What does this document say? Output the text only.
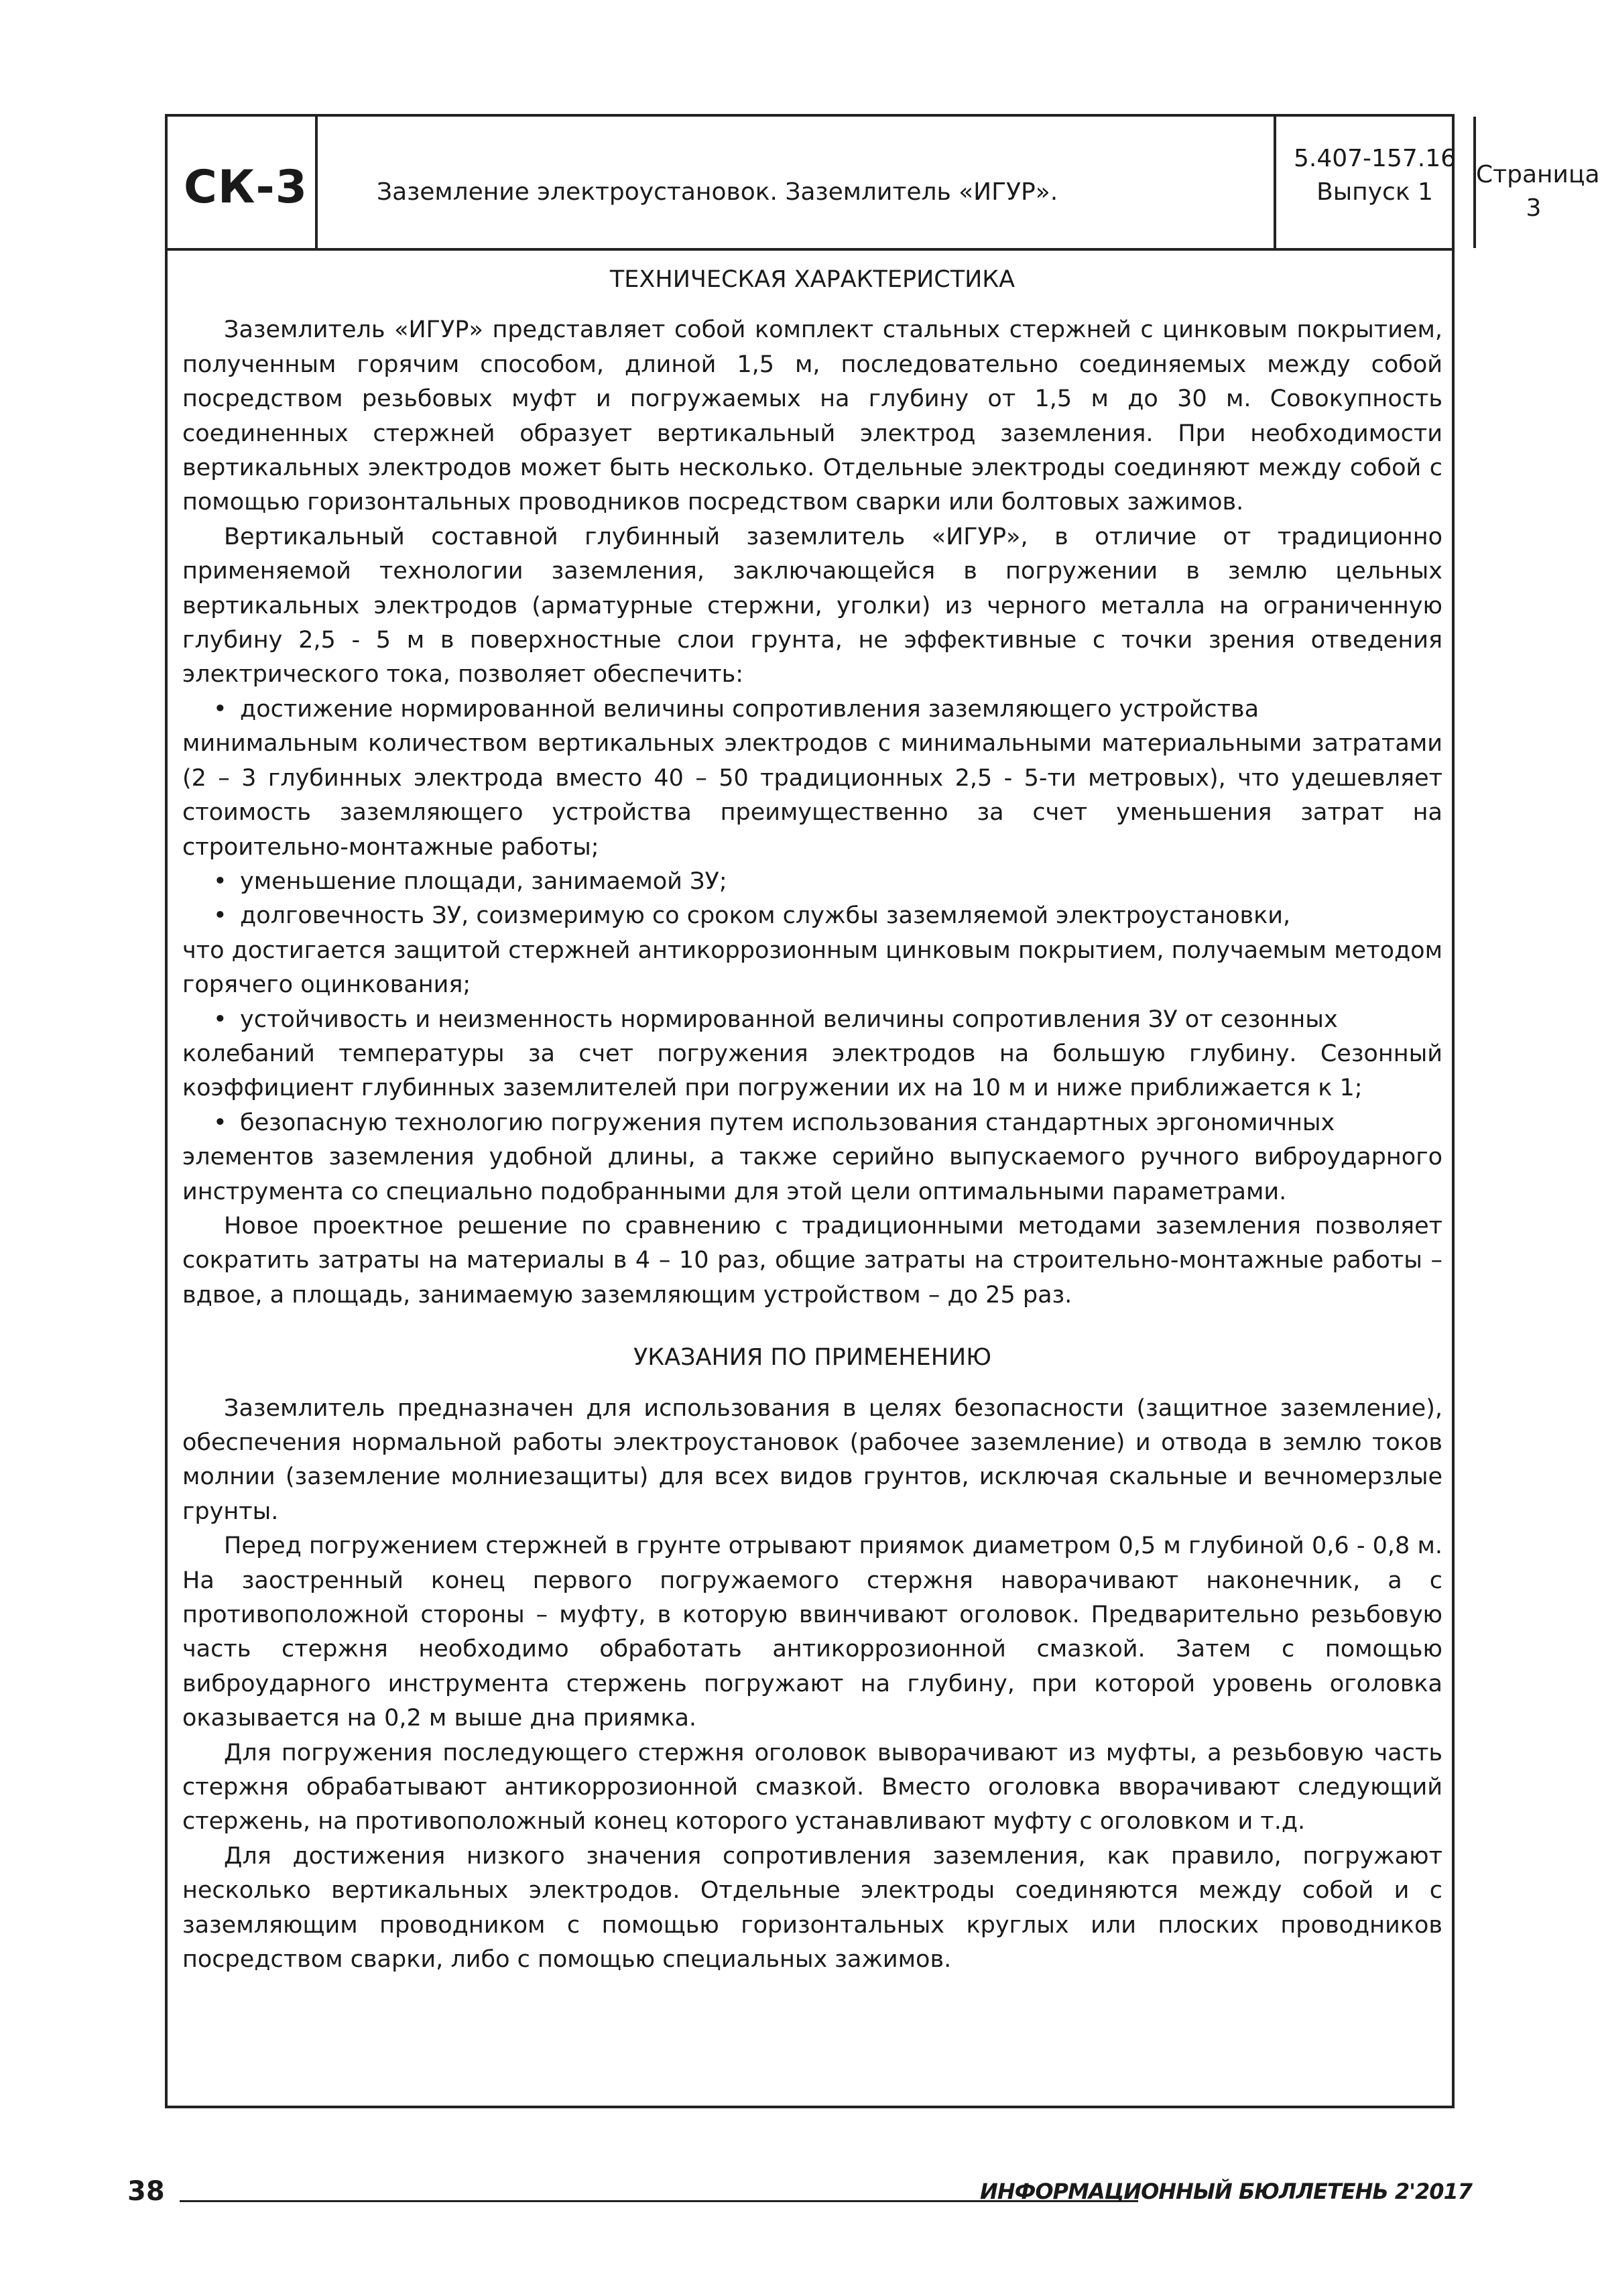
СК-3	Заземление электроустановок. Заземлитель «ИГУР».
5.407-157.16
Выпуск 1
Страница
3

ТЕХНИЧЕСКАЯ ХАРАКТЕРИСТИКА

Заземлитель «ИГУР» представляет собой комплект стальных стержней с цинковым покрытием, полученным горячим способом, длиной 1,5 м, последовательно соединяемых между собой посредством резьбовых муфт и погружаемых на глубину от 1,5 м до 30 м. Совокупность соединенных стержней образует вертикальный электрод заземления. При необходимости вертикальных электродов может быть несколько. Отдельные электроды соединяют между собой с помощью горизонтальных проводников посредством сварки или болтовых зажимов.

Вертикальный составной глубинный заземлитель «ИГУР», в отличие от традиционно применяемой технологии заземления, заключающейся в погружении в землю цельных вертикальных электродов (арматурные стержни, уголки) из черного металла на ограниченную глубину 2,5 - 5 м в поверхностные слои грунта, не эффективные с точки зрения отведения электрического тока, позволяет обеспечить:

• достижение нормированной величины сопротивления заземляющего устройства

минимальным количеством вертикальных электродов с минимальными материальными затратами (2 – 3 глубинных электрода вместо 40 – 50 традиционных 2,5 - 5-ти метровых), что удешевляет стоимость заземляющего устройства преимущественно за счет уменьшения затрат на строительно-монтажные работы;

• уменьшение площади, занимаемой ЗУ;

• долговечность ЗУ, соизмеримую со сроком службы заземляемой электроустановки,

что достигается защитой стержней антикоррозионным цинковым покрытием, получаемым методом горячего оцинкования;

• устойчивость и неизменность нормированной величины сопротивления ЗУ от сезонных

колебаний температуры за счет погружения электродов на большую глубину. Сезонный коэффициент глубинных заземлителей при погружении их на 10 м и ниже приближается к 1;

• безопасную технологию погружения путем использования стандартных эргономичных

элементов заземления удобной длины, а также серийно выпускаемого ручного виброударного инструмента со специально подобранными для этой цели оптимальными параметрами.

Новое проектное решение по сравнению с традиционными методами заземления позволяет сократить затраты на материалы в 4 – 10 раз, общие затраты на строительно-монтажные работы – вдвое, а площадь, занимаемую заземляющим устройством – до 25 раз.

УКАЗАНИЯ ПО ПРИМЕНЕНИЮ

Заземлитель предназначен для использования в целях безопасности (защитное заземление), обеспечения нормальной работы электроустановок (рабочее заземление) и отвода в землю токов молнии (заземление молниезащиты) для всех видов грунтов, исключая скальные и вечномерзлые грунты.

Перед погружением стержней в грунте отрывают приямок диаметром 0,5 м глубиной 0,6 - 0,8 м. На заостренный конец первого погружаемого стержня наворачивают наконечник, а с противоположной стороны – муфту, в которую ввинчивают оголовок. Предварительно резьбовую часть стержня необходимо обработать антикоррозионной смазкой. Затем с помощью виброударного инструмента стержень погружают на глубину, при которой уровень оголовка оказывается на 0,2 м выше дна приямка.

Для погружения последующего стержня оголовок выворачивают из муфты, а резьбовую часть стержня обрабатывают антикоррозионной смазкой. Вместо оголовка вворачивают следующий стержень, на противоположный конец которого устанавливают муфту с оголовком и т.д.

Для достижения низкого значения сопротивления заземления, как правило, погружают несколько вертикальных электродов. Отдельные электроды соединяются между собой и с заземляющим проводником с помощью горизонтальных круглых или плоских проводников посредством сварки, либо с помощью специальных зажимов.

38	ИНФОРМАЦИОННЫЙ БЮЛЛЕТЕНЬ 2'2017
